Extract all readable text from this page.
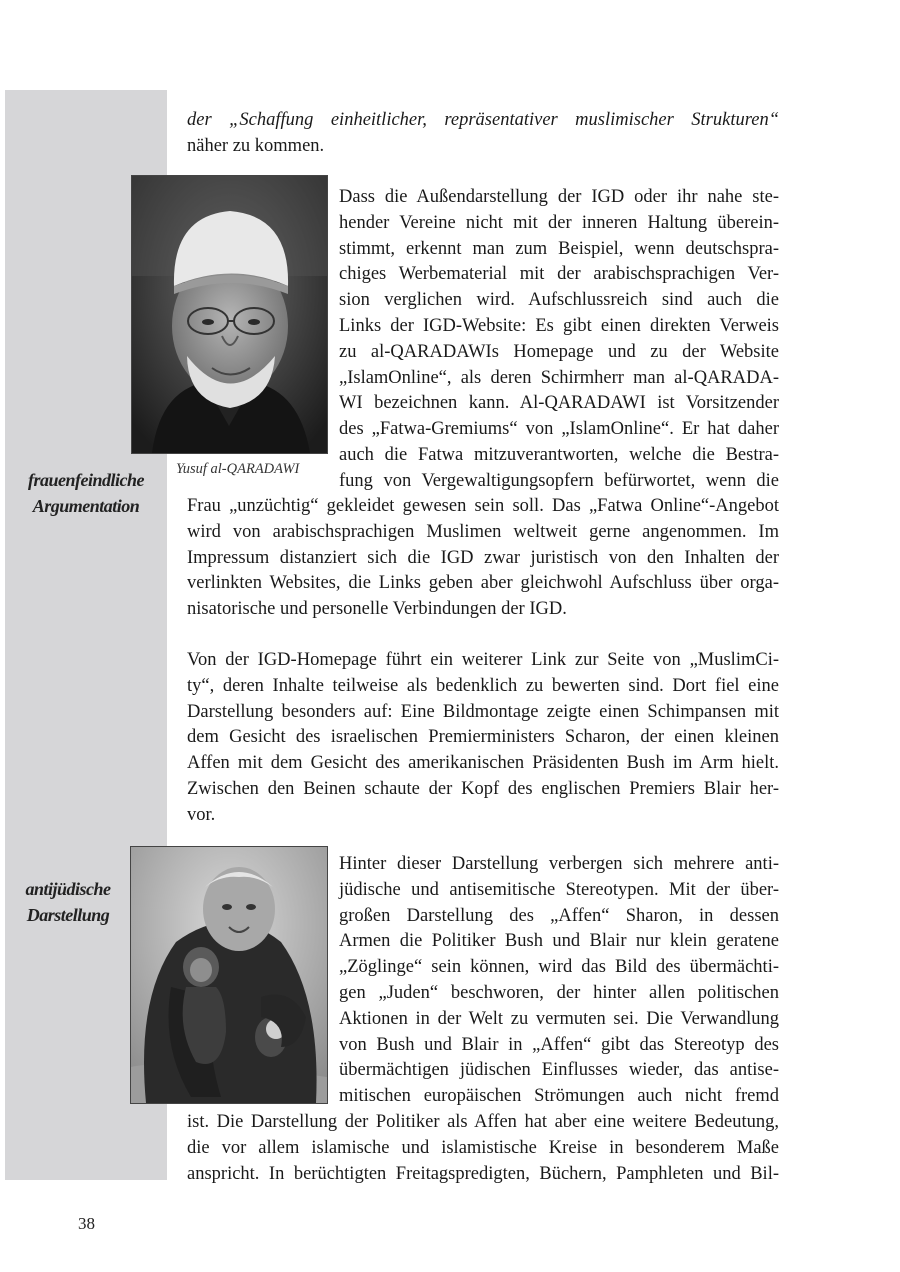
frauenfeindliche
Argumentation
antijüdische
Darstellung
der „Schaffung einheitlicher, repräsentativer muslimischer Strukturen“
näher zu kommen.
Yusuf al-QARADAWI
Dass die Außendarstellung der IGD oder ihr nahe ste-
hender Vereine nicht mit der inneren Haltung überein-
stimmt, erkennt man zum Beispiel, wenn deutschspra-
chiges Werbematerial mit der arabischsprachigen Ver-
sion verglichen wird. Aufschlussreich sind auch die
Links der IGD-Website: Es gibt einen direkten Verweis
zu al-QARADAWIs Homepage und zu der Website
„IslamOnline“, als deren Schirmherr man al-QARADA-
WI bezeichnen kann. Al-QARADAWI ist Vorsitzender
des „Fatwa-Gremiums“ von „IslamOnline“. Er hat daher
auch die Fatwa mitzuverantworten, welche die Bestra-
fung von Vergewaltigungsopfern befürwortet, wenn die
Frau „unzüchtig“ gekleidet gewesen sein soll. Das „Fatwa Online“-Angebot
wird von arabischsprachigen Muslimen weltweit gerne angenommen. Im
Impressum distanziert sich die IGD zwar juristisch von den Inhalten der
verlinkten Websites, die Links geben aber gleichwohl Aufschluss über orga-
nisatorische und personelle Verbindungen der IGD.
Von der IGD-Homepage führt ein weiterer Link zur Seite von „MuslimCi-
ty“, deren Inhalte teilweise als bedenklich zu bewerten sind. Dort fiel eine
Darstellung besonders auf: Eine Bildmontage zeigte einen Schimpansen mit
dem Gesicht des israelischen Premierministers Scharon, der einen kleinen
Affen mit dem Gesicht des amerikanischen Präsidenten Bush im Arm hielt.
Zwischen den Beinen schaute der Kopf des englischen Premiers Blair her-
vor.
Hinter dieser Darstellung verbergen sich mehrere anti-
jüdische und antisemitische Stereotypen. Mit der über-
großen Darstellung des „Affen“ Sharon, in dessen
Armen die Politiker Bush und Blair nur klein geratene
„Zöglinge“ sein können, wird das Bild des übermächti-
gen „Juden“ beschworen, der hinter allen politischen
Aktionen in der Welt zu vermuten sei. Die Verwandlung
von Bush und Blair in „Affen“ gibt das Stereotyp des
übermächtigen jüdischen Einflusses wieder, das antise-
mitischen europäischen Strömungen auch nicht fremd
ist. Die Darstellung der Politiker als Affen hat aber eine weitere Bedeutung,
die vor allem islamische und islamistische Kreise in besonderem Maße
anspricht. In berüchtigten Freitagspredigten, Büchern, Pamphleten und Bil-
38
